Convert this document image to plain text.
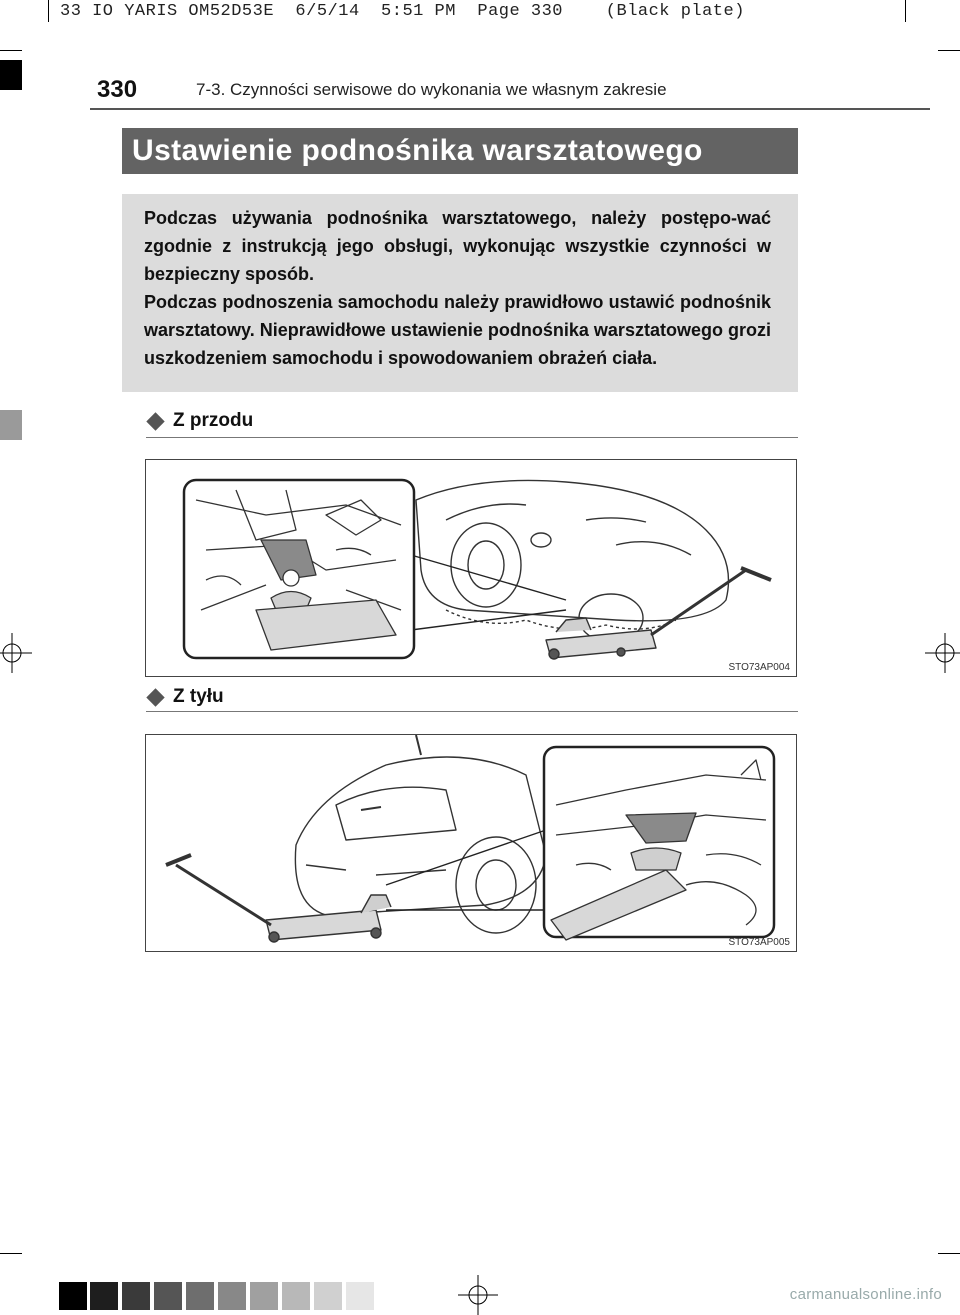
33 IO YARIS OM52D53E  6/5/14  5:51 PM  Page 330    (Black plate)
330	7-3. Czynności serwisowe do wykonania we własnym zakresie
Ustawienie podnośnika warsztatowego

Podczas używania podnośnika warsztatowego, należy postępo-wać zgodnie z instrukcją jego obsługi, wykonując wszystkie czynności w bezpieczny sposób.

Podczas podnoszenia samochodu należy prawidłowo ustawić podnośnik warsztatowy. Nieprawidłowe ustawienie podnośnika warsztatowego grozi uszkodzeniem samochodu i spowodowaniem obrażeń ciała.

Z przodu
STO73AP004
Z tyłu
STO73AP005
carmanualsonline.info
